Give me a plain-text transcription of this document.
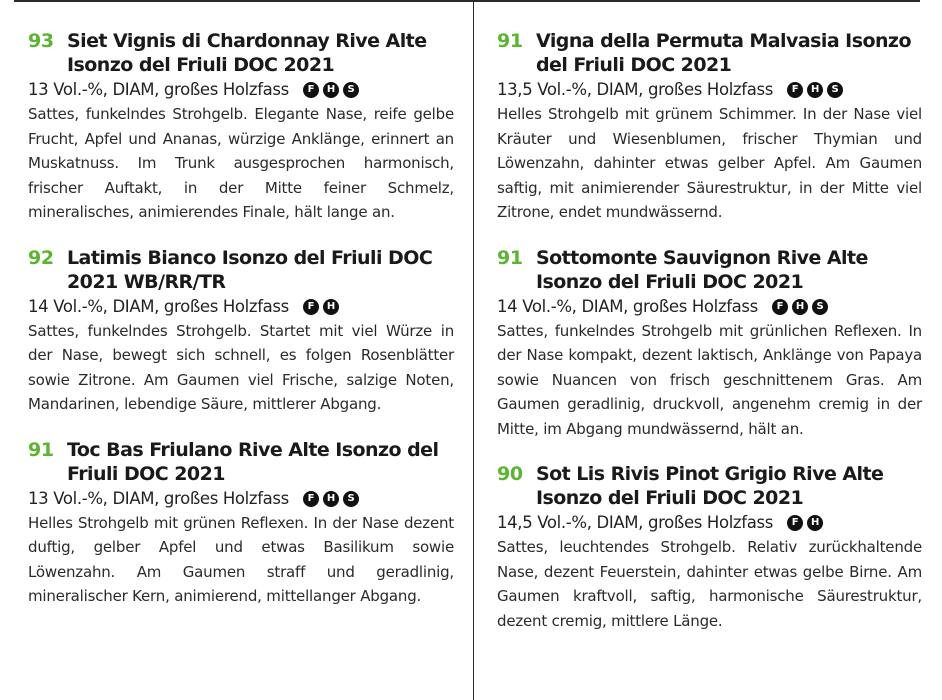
93 Siet Vignis di Chardonnay Rive Alte Isonzo del Friuli DOC 2021
13 Vol.-%, DIAM, großes Holzfass	F	H	S
Sattes, funkelndes Strohgelb. Elegante Nase, reife gelbe Frucht, Apfel und Ananas, würzige Anklänge, erinnert an Muskatnuss. Im Trunk ausgesprochen harmonisch, frischer Auftakt, in der Mitte feiner Schmelz, mineralisches, animierendes Finale, hält lange an.
92 Latimis Bianco Isonzo del Friuli DOC 2021 WB/RR/TR
14 Vol.-%, DIAM, großes Holzfass	F	H
Sattes, funkelndes Strohgelb. Startet mit viel Würze in der Nase, bewegt sich schnell, es folgen Rosenblätter sowie Zitrone. Am Gaumen viel Frische, salzige Noten, Mandarinen, lebendige Säure, mittlerer Abgang.
91 Toc Bas Friulano Rive Alte Isonzo del Friuli DOC 2021
13 Vol.-%, DIAM, großes Holzfass	F	H	S
Helles Strohgelb mit grünen Reflexen. In der Nase dezent duftig, gelber Apfel und etwas Basilikum sowie Löwenzahn. Am Gaumen straff und geradlinig, mineralischer Kern, animierend, mittellanger Abgang.
91 Vigna della Permuta Malvasia Isonzo del Friuli DOC 2021
13,5 Vol.-%, DIAM, großes Holzfass	F	H	S
Helles Strohgelb mit grünem Schimmer. In der Nase viel Kräuter und Wiesenblumen, frischer Thymian und Löwenzahn, dahinter etwas gelber Apfel. Am Gaumen saftig, mit animierender Säurestruktur, in der Mitte viel Zitrone, endet mundwässernd.
91 Sottomonte Sauvignon Rive Alte Isonzo del Friuli DOC 2021
14 Vol.-%, DIAM, großes Holzfass	F	H	S
Sattes, funkelndes Strohgelb mit grünlichen Reflexen. In der Nase kompakt, dezent laktisch, Anklänge von Papaya sowie Nuancen von frisch geschnittenem Gras. Am Gaumen geradlinig, druckvoll, angenehm cremig in der Mitte, im Abgang mundwässernd, hält an.
90 Sot Lis Rivis Pinot Grigio Rive Alte Isonzo del Friuli DOC 2021
14,5 Vol.-%, DIAM, großes Holzfass	F	H
Sattes, leuchtendes Strohgelb. Relativ zurückhaltende Nase, dezent Feuerstein, dahinter etwas gelbe Birne. Am Gaumen kraftvoll, saftig, harmonische Säurestruktur, dezent cremig, mittlere Länge.
